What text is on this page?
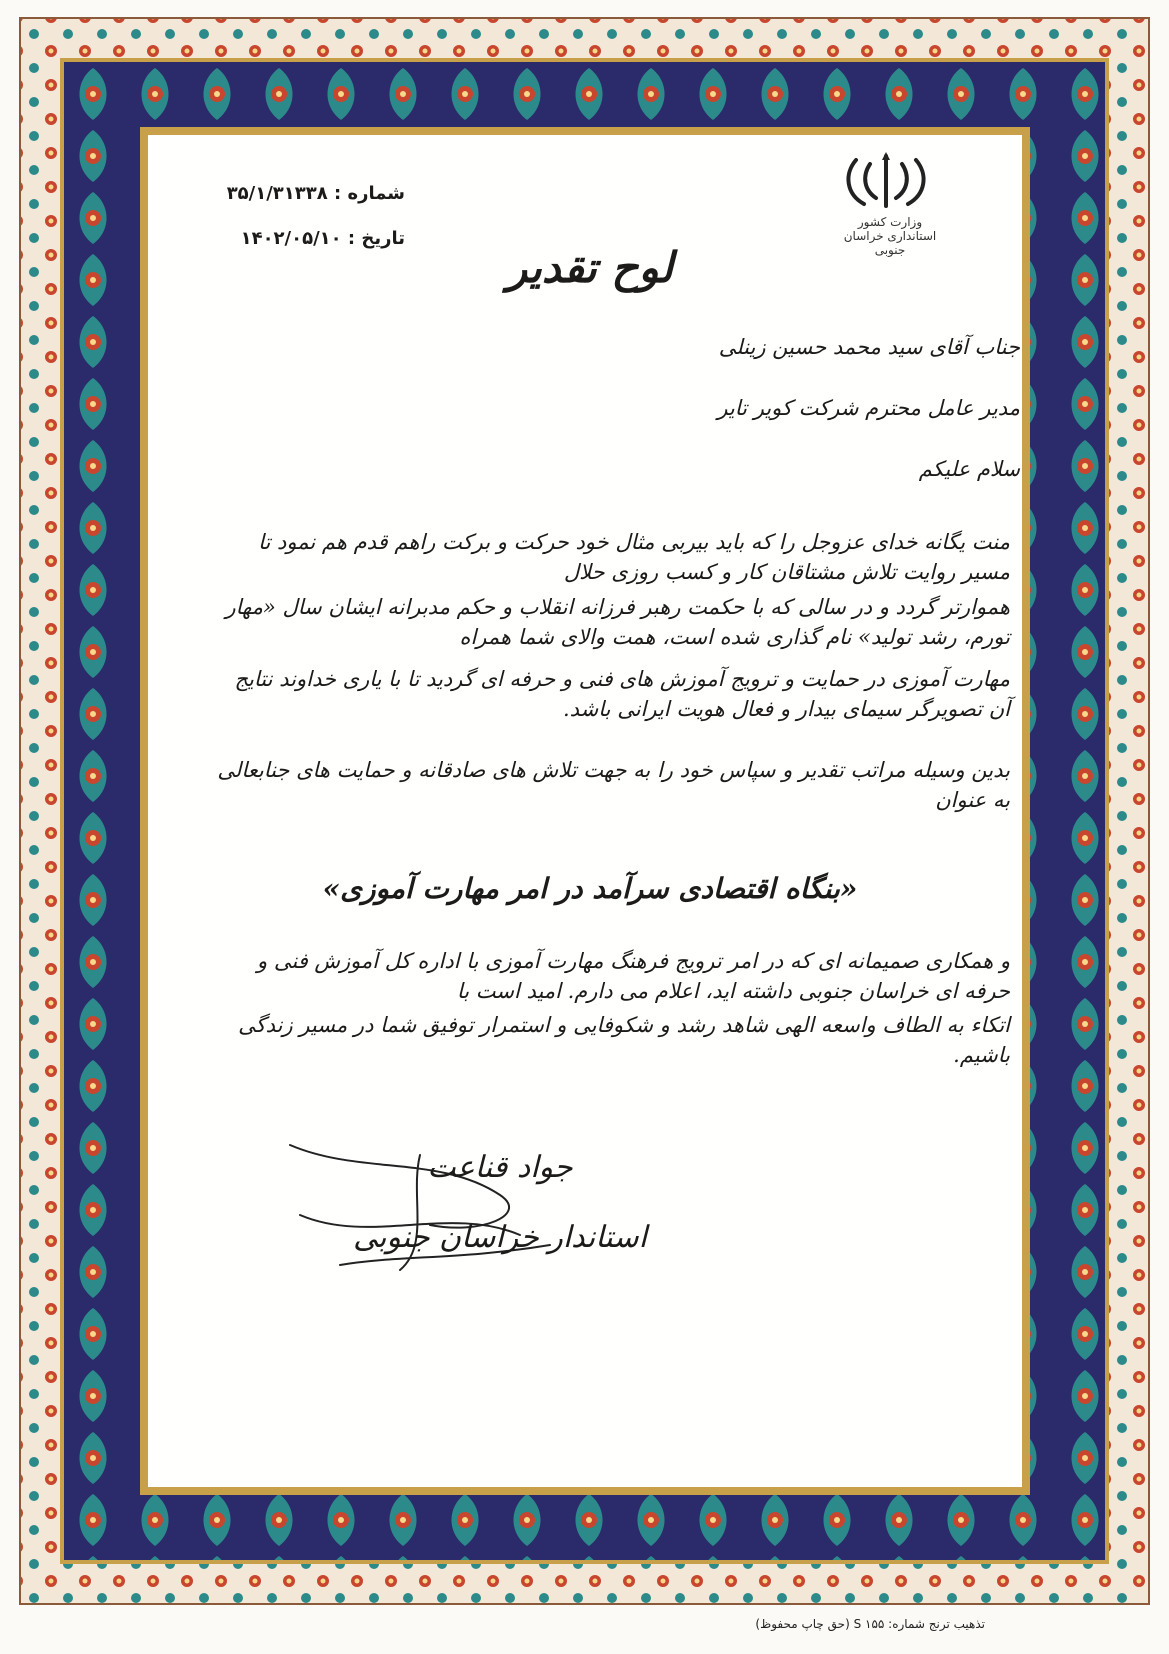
وزارت کشور
استانداری خراسان جنوبی
شماره : ۳۵/۱/۳۱۳۳۸
تاریخ : ۱۴۰۲/۰۵/۱۰
لوح تقدیر
جناب آقای سید محمد حسین زینلی
مدیر عامل محترم شرکت کویر تایر
سلام علیکم
منت یگانه خدای عزوجل را که باید بیربی مثال خود حرکت و برکت راهم قدم هم نمود تا مسیر روایت تلاش مشتاقان کار و کسب روزی حلال
هموارتر گردد و در سالی که با حکمت رهبر فرزانه انقلاب و حکم مدبرانه ایشان سال «مهار تورم، رشد تولید» نام گذاری شده است، همت والای شما همراه
مهارت آموزی در حمایت و ترویج آموزش های فنی و حرفه ای گردید تا با یاری خداوند نتایج آن تصویرگر سیمای بیدار و فعال هویت ایرانی باشد.
بدین وسیله مراتب تقدیر و سپاس خود را به جهت تلاش های صادقانه و حمایت های جنابعالی به عنوان
«بنگاه اقتصادی سرآمد در امر مهارت آموزی»
و همکاری صمیمانه ای که در امر ترویج فرهنگ مهارت آموزی با اداره کل آموزش فنی و حرفه ای خراسان جنوبی داشته اید، اعلام می دارم. امید است با
اتکاء به الطاف واسعه الهی شاهد رشد و شکوفایی و استمرار توفیق شما در مسیر زندگی باشیم.
جواد قناعت
استاندار خراسان جنوبی
تذهیب ترنج شماره: S ۱۵۵ (حق چاپ محفوظ)
